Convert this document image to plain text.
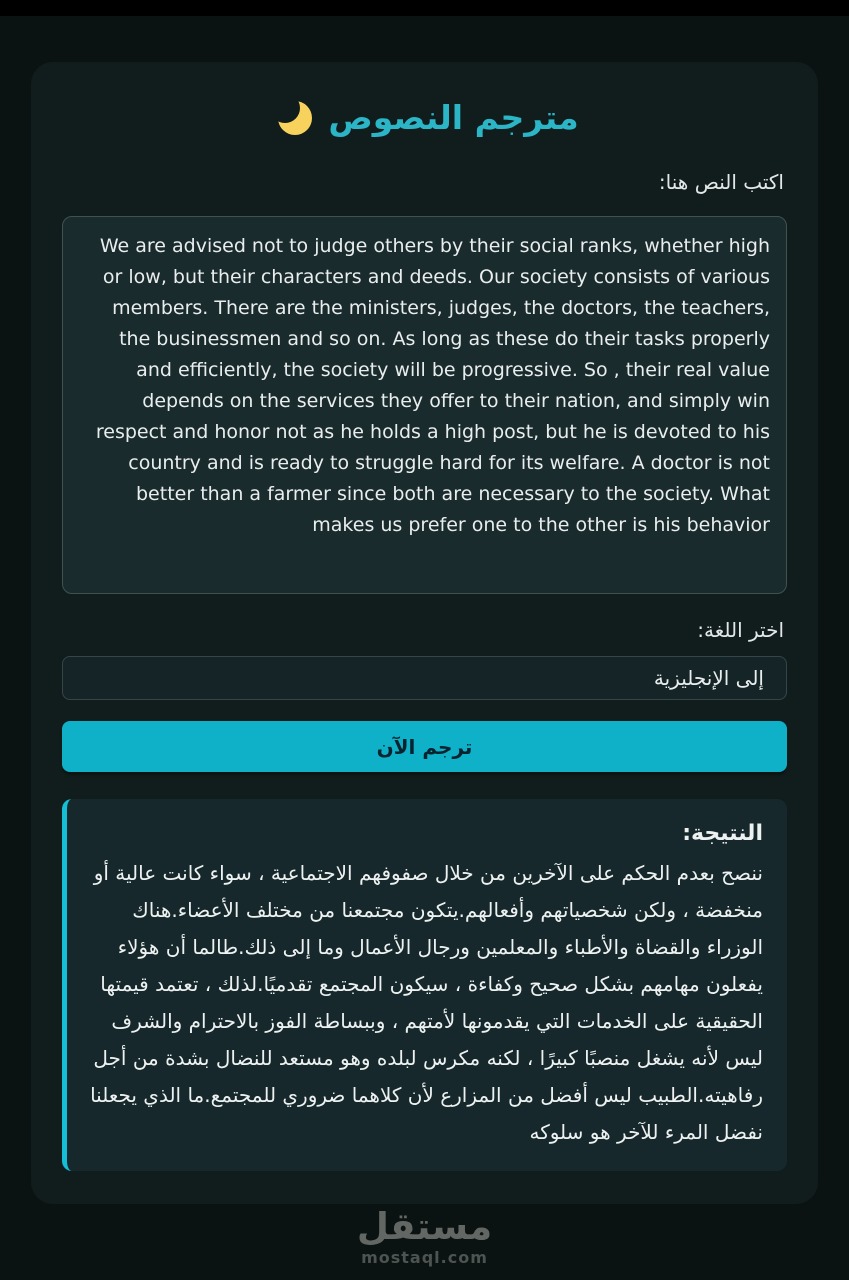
مترجم النصوص
اكتب النص هنا:
We are advised not to judge others by their social ranks, whether high or low, but their characters and deeds. Our society consists of various members. There are the ministers, judges, the doctors, the teachers, the businessmen and so on. As long as these do their tasks properly and efficiently, the society will be progressive. So , their real value depends on the services they offer to their nation, and simply win respect and honor not as he holds a high post, but he is devoted to his country and is ready to struggle hard for its welfare. A doctor is not better than a farmer since both are necessary to the society. What makes us prefer one to the other is his behavior
اختر اللغة:
إلى الإنجليزية
ترجم الآن
النتيجة:
ننصح بعدم الحكم على الآخرين من خلال صفوفهم الاجتماعية ، سواء كانت عالية أو منخفضة ، ولكن شخصياتهم وأفعالهم.يتكون مجتمعنا من مختلف الأعضاء.هناك الوزراء والقضاة والأطباء والمعلمين ورجال الأعمال وما إلى ذلك.طالما أن هؤلاء يفعلون مهامهم بشكل صحيح وكفاءة ، سيكون المجتمع تقدميًا.لذلك ، تعتمد قيمتها الحقيقية على الخدمات التي يقدمونها لأمتهم ، وببساطة الفوز بالاحترام والشرف ليس لأنه يشغل منصبًا كبيرًا ، لكنه مكرس لبلده وهو مستعد للنضال بشدة من أجل رفاهيته.الطبيب ليس أفضل من المزارع لأن كلاهما ضروري للمجتمع.ما الذي يجعلنا نفضل المرء للآخر هو سلوكه
مستقل
mostaql.com
